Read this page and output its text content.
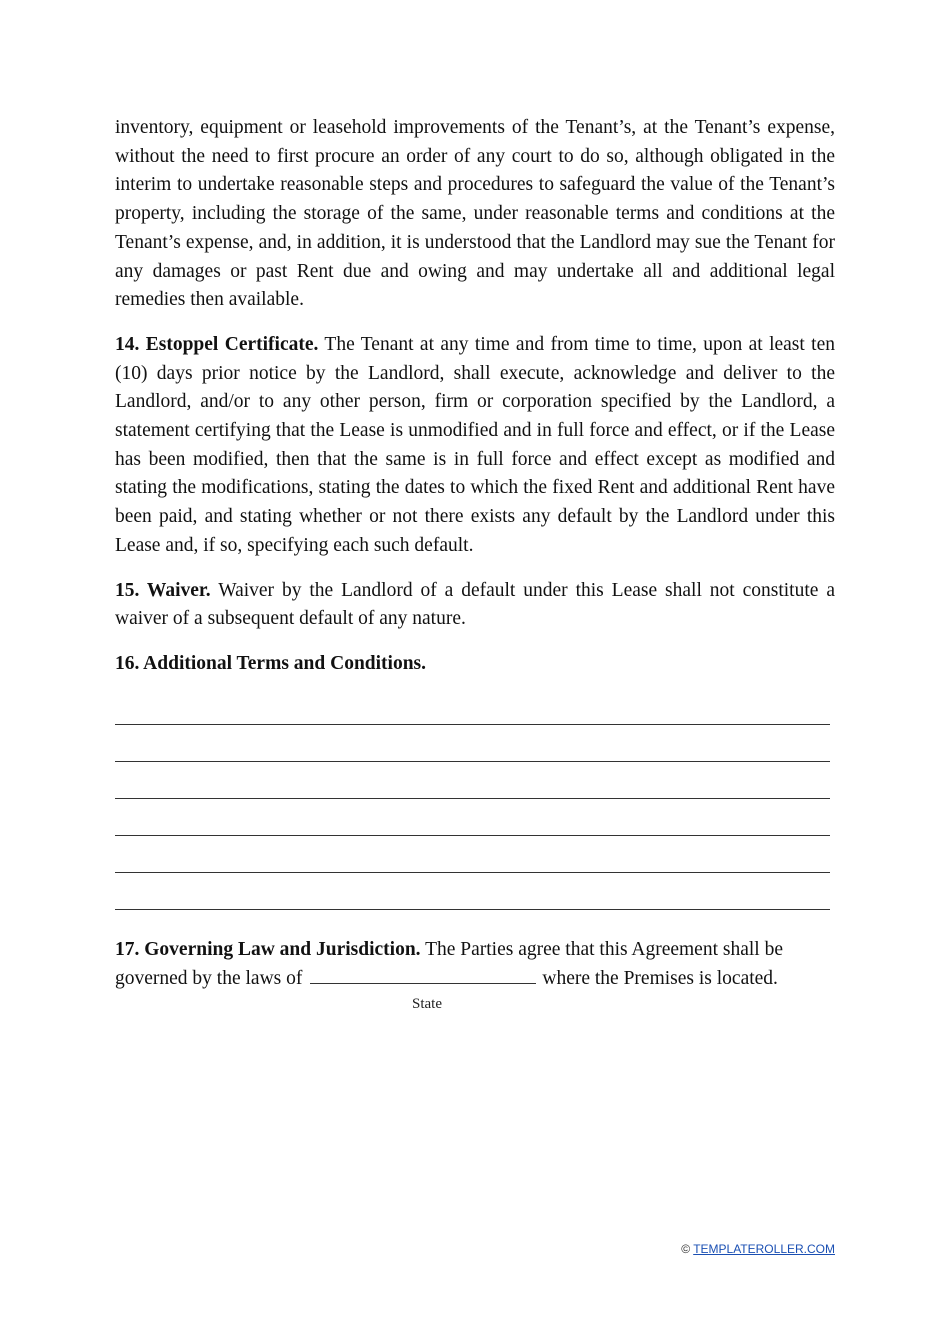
inventory, equipment or leasehold improvements of the Tenant’s, at the Tenant’s expense, without the need to first procure an order of any court to do so, although obligated in the interim to undertake reasonable steps and procedures to safeguard the value of the Tenant’s property, including the storage of the same, under reasonable terms and conditions at the Tenant’s expense, and, in addition, it is understood that the Landlord may sue the Tenant for any damages or past Rent due and owing and may undertake all and additional legal remedies then available.

14. Estoppel Certificate. The Tenant at any time and from time to time, upon at least ten (10) days prior notice by the Landlord, shall execute, acknowledge and deliver to the Landlord, and/or to any other person, firm or corporation specified by the Landlord, a statement certifying that the Lease is unmodified and in full force and effect, or if the Lease has been modified, then that the same is in full force and effect except as modified and stating the modifications, stating the dates to which the fixed Rent and additional Rent have been paid, and stating whether or not there exists any default by the Landlord under this Lease and, if so, specifying each such default.

15. Waiver. Waiver by the Landlord of a default under this Lease shall not constitute a waiver of a subsequent default of any nature.

16. Additional Terms and Conditions.

17. Governing Law and Jurisdiction. The Parties agree that this Agreement shall be governed by the laws of	where the Premises is located.

State
© TEMPLATEROLLER.COM
